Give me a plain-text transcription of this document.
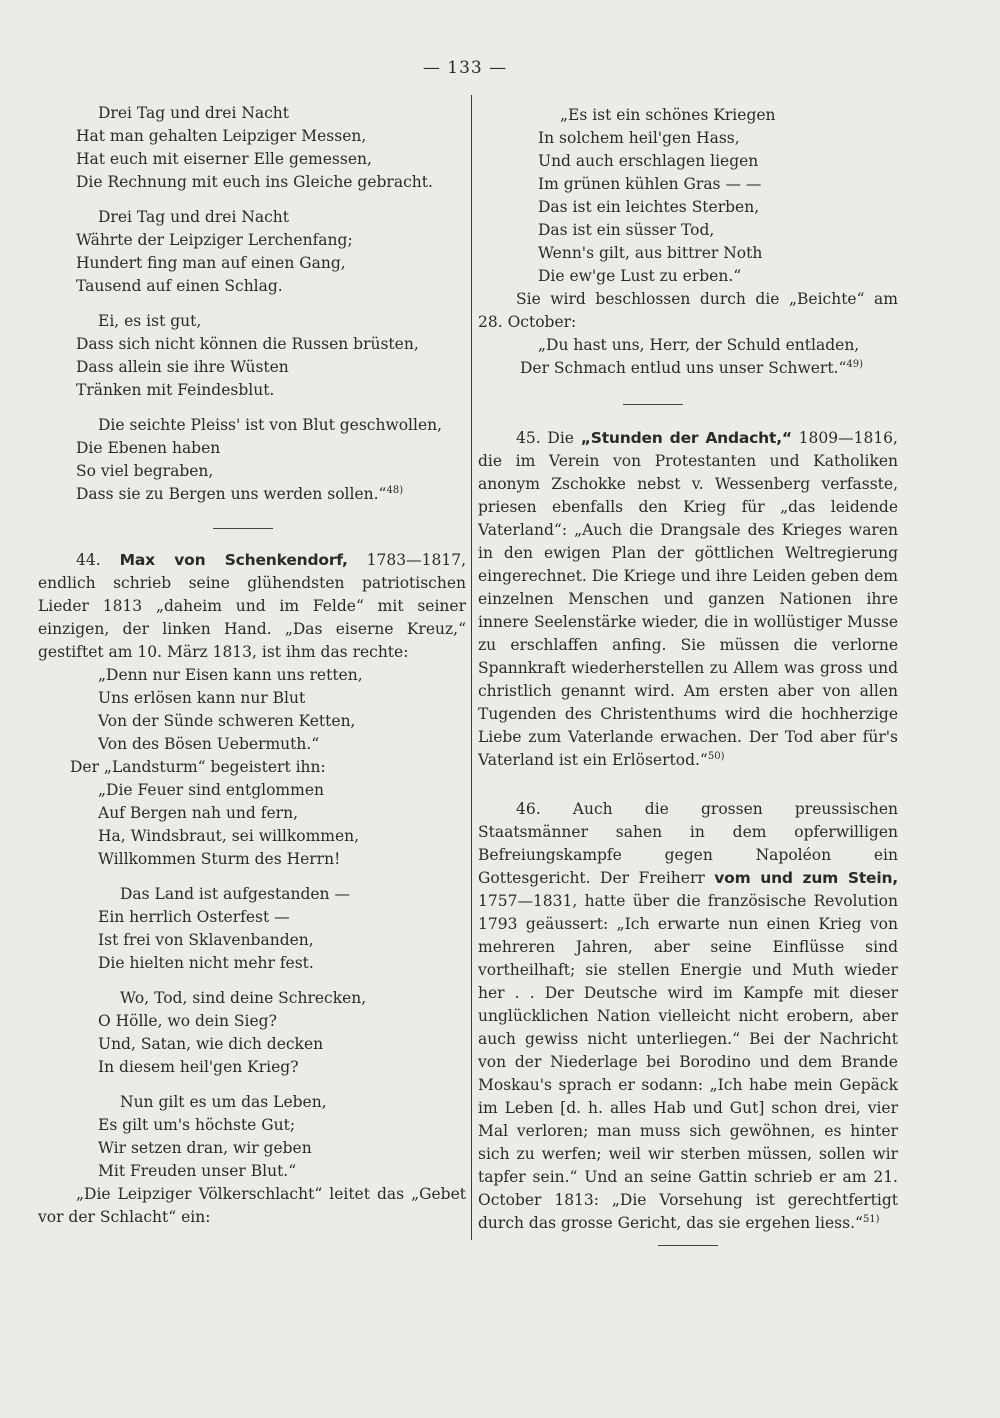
— 133 —
Drei Tag und drei Nacht
Hat man gehalten Leipziger Messen,
Hat euch mit eiserner Elle gemessen,
Die Rechnung mit euch ins Gleiche gebracht.
Drei Tag und drei Nacht
Währte der Leipziger Lerchenfang;
Hundert fing man auf einen Gang,
Tausend auf einen Schlag.
Ei, es ist gut,
Dass sich nicht können die Russen brüsten,
Dass allein sie ihre Wüsten
Tränken mit Feindesblut.
Die seichte Pleiss' ist von Blut geschwollen,
Die Ebenen haben
So viel begraben,
Dass sie zu Bergen uns werden sollen.“$^{48)}$

44. Max von Schenkendorf, 1783—1817, endlich schrieb seine glühendsten patriotischen Lieder 1813 „daheim und im Felde“ mit seiner einzigen, der linken Hand. „Das eiserne Kreuz,“ gestiftet am 10. März 1813, ist ihm das rechte:

„Denn nur Eisen kann uns retten,
Uns erlösen kann nur Blut
Von der Sünde schweren Ketten,
Von des Bösen Uebermuth.“
Der „Landsturm“ begeistert ihn:
„Die Feuer sind entglommen
Auf Bergen nah und fern,
Ha, Windsbraut, sei willkommen,
Willkommen Sturm des Herrn!
Das Land ist aufgestanden —
Ein herrlich Osterfest —
Ist frei von Sklavenbanden,
Die hielten nicht mehr fest.
Wo, Tod, sind deine Schrecken,
O Hölle, wo dein Sieg?
Und, Satan, wie dich decken
In diesem heil'gen Krieg?
Nun gilt es um das Leben,
Es gilt um's höchste Gut;
Wir setzen dran, wir geben
Mit Freuden unser Blut.“

„Die Leipziger Völkerschlacht“ leitet das „Gebet vor der Schlacht“ ein:

„Es ist ein schönes Kriegen
In solchem heil'gen Hass,
Und auch erschlagen liegen
Im grünen kühlen Gras — —
Das ist ein leichtes Sterben,
Das ist ein süsser Tod,
Wenn's gilt, aus bittrer Noth
Die ew'ge Lust zu erben.“

Sie wird beschlossen durch die „Beichte“ am 28. October:

„Du hast uns, Herr, der Schuld entladen,
Der Schmach entlud uns unser Schwert.“$^{49)}$

45. Die „Stunden der Andacht,“ 1809—1816, die im Verein von Protestanten und Katholiken anonym Zschokke nebst v. Wessenberg verfasste, priesen ebenfalls den Krieg für „das leidende Vaterland“: „Auch die Drangsale des Krieges waren in den ewigen Plan der göttlichen Weltregierung eingerechnet. Die Kriege und ihre Leiden geben dem einzelnen Menschen und ganzen Nationen ihre innere Seelenstärke wieder, die in wollüstiger Musse zu erschlaffen anfing. Sie müssen die verlorne Spannkraft wiederherstellen zu Allem was gross und christlich genannt wird. Am ersten aber von allen Tugenden des Christenthums wird die hochherzige Liebe zum Vaterlande erwachen. Der Tod aber für's Vaterland ist ein Erlösertod.“$^{50)}$

46. Auch die grossen preussischen Staatsmänner sahen in dem opferwilligen Befreiungskampfe gegen Napoléon ein Gottesgericht. Der Freiherr vom und zum Stein, 1757—1831, hatte über die französische Revolution 1793 geäussert: „Ich erwarte nun einen Krieg von mehreren Jahren, aber seine Einflüsse sind vortheilhaft; sie stellen Energie und Muth wieder her . . Der Deutsche wird im Kampfe mit dieser unglücklichen Nation vielleicht nicht erobern, aber auch gewiss nicht unterliegen.“ Bei der Nachricht von der Niederlage bei Borodino und dem Brande Moskau's sprach er sodann: „Ich habe mein Gepäck im Leben [d. h. alles Hab und Gut] schon drei, vier Mal verloren; man muss sich gewöhnen, es hinter sich zu werfen; weil wir sterben müssen, sollen wir tapfer sein.“ Und an seine Gattin schrieb er am 21. October 1813: „Die Vorsehung ist gerechtfertigt durch das grosse Gericht, das sie ergehen liess.“$^{51)}$
